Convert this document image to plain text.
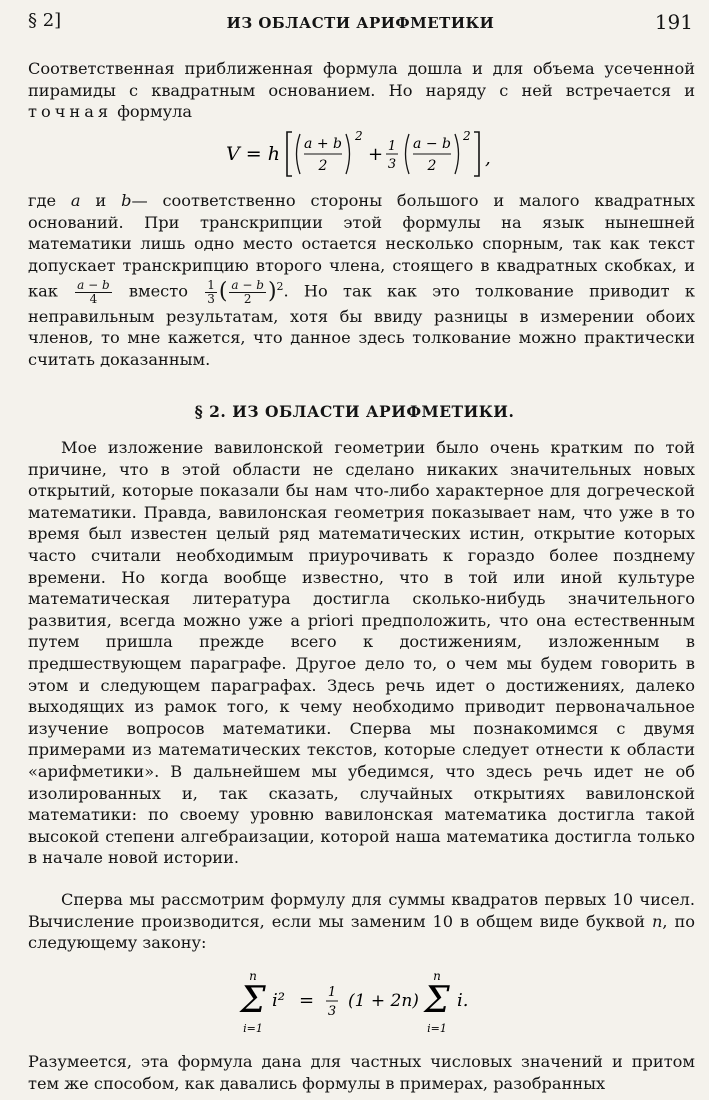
§ 2]	ИЗ ОБЛАСТИ АРИФМЕТИКИ	191

Соответственная приближенная формула дошла и для объема усеченной пирамиды с квадратным основанием. Но наряду с ней встречается и точная формула

V = h a + b
2
2
+ 1
3
a − b
2
2
,

где a и b— соответственно стороны большого и малого квадратных оснований. При транскрипции этой формулы на язык нынешней математики лишь одно место остается несколько спорным, так как текст допускает транскрипцию второго члена, стоящего в квадратных скобках, и как $\frac{a - b}{4}$ вместо $\frac{1}{3}$ ( $\frac{a - b}{2} )^2$. Но так как это толкование приводит к неправильным результатам, хотя бы ввиду разницы в измерении обоих членов, то мне кажется, что данное здесь толкование можно практически считать доказанным.

§ 2. ИЗ ОБЛАСТИ АРИФМЕТИКИ.

Мое изложение вавилонской геометрии было очень кратким по той причине, что в этой области не сделано никаких значительных новых открытий, которые показали бы нам что-либо характерное для догреческой математики. Правда, вавилонская геометрия показывает нам, что уже в то время был известен целый ряд математических истин, открытие которых часто считали необходимым приурочивать к гораздо более позднему времени. Но когда вообще известно, что в той или иной культуре математическая литература достигла сколько-нибудь значительного развития, всегда можно уже a priori предположить, что она естественным путем пришла прежде всего к достижениям, изложенным в предшествующем параграфе. Другое дело то, о чем мы будем говорить в этом и следующем параграфах. Здесь речь идет о достижениях, далеко выходящих из рамок того, к чему необходимо приводит первоначальное изучение вопросов математики. Сперва мы познакомимся с двумя примерами из математических текстов, которые следует отнести к области «арифметики». В дальнейшем мы убедимся, что здесь речь идет не об изолированных и, так сказать, случайных открытиях вавилонской математики: по своему уровню вавилонская математика достигла такой высокой степени алгебраизации, которой наша математика достигла только в начале новой истории.

Сперва мы рассмотрим формулу для суммы квадратов первых 10 чисел. Вычисление производится, если мы заменим 10 в общем виде буквой n, по следующему закону:

n
Σ
i=1
i² = 1
3
(1 + 2n)
n
Σ
i=1
i.

Разумеется, эта формула дана для частных числовых значений и притом тем же способом, как давались формулы в примерах, разобранных
